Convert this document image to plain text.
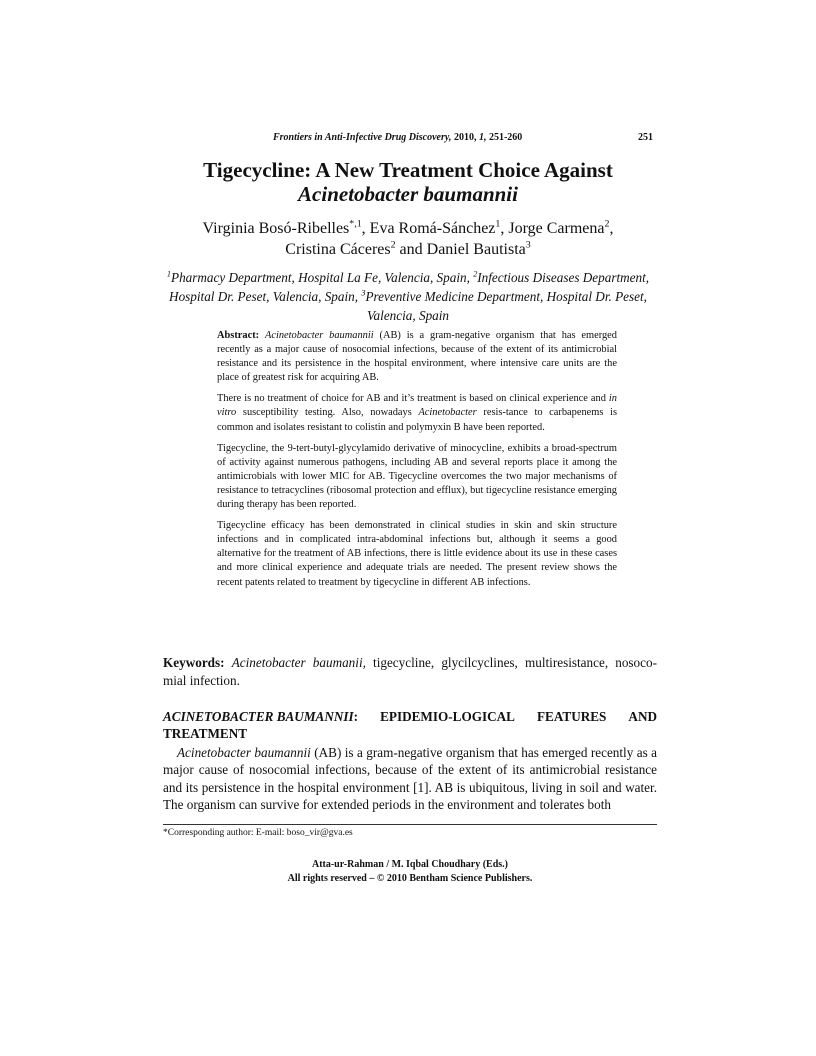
Frontiers in Anti-Infective Drug Discovery, 2010, 1, 251-260	251
Tigecycline: A New Treatment Choice Against
Acinetobacter baumannii
Virginia Bosó-Ribelles$^{*,1}$, Eva Romá-Sánchez$^1$, Jorge Carmena$^2$,
Cristina Cáceres$^2$ and Daniel Bautista$^3$
$^1$Pharmacy Department, Hospital La Fe, Valencia, Spain, $^2$Infectious Diseases Department, Hospital Dr. Peset, Valencia, Spain, $^3$Preventive Medicine Department, Hospital Dr. Peset, Valencia, Spain

Abstract: Acinetobacter baumannii (AB) is a gram-negative organism that has emerged recently as a major cause of nosocomial infections, because of the extent of its antimicrobial resistance and its persistence in the hospital environment, where intensive care units are the place of greatest risk for acquiring AB.

There is no treatment of choice for AB and it’s treatment is based on clinical experience and in vitro susceptibility testing. Also, nowadays Acinetobacter resis-tance to carbapenems is common and isolates resistant to colistin and polymyxin B have been reported.

Tigecycline, the 9-tert-butyl-glycylamido derivative of minocycline, exhibits a broad-spectrum of activity against numerous pathogens, including AB and several reports place it among the antimicrobials with lower MIC for AB. Tigecycline overcomes the two major mechanisms of resistance to tetracyclines (ribosomal protection and efflux), but tigecycline resistance emerging during therapy has been reported.

Tigecycline efficacy has been demonstrated in clinical studies in skin and skin structure infections and in complicated intra-abdominal infections but, although it seems a good alternative for the treatment of AB infections, there is little evidence about its use in these cases and more clinical experience and adequate trials are needed. The present review shows the recent patents related to treatment by tigecycline in different AB infections.

Keywords: Acinetobacter baumanii, tigecycline, glycilcyclines, multiresistance, nosoco-mial infection.
ACINETOBACTER BAUMANNII: EPIDEMIO-LOGICAL FEATURES AND
TREATMENT

Acinetobacter baumannii (AB) is a gram-negative organism that has emerged recently as a major cause of nosocomial infections, because of the extent of its antimicrobial resistance and its persistence in the hospital environment [1]. AB is ubiquitous, living in soil and water. The organism can survive for extended periods in the environment and tolerates both

*Corresponding author: E-mail: boso_vir@gva.es
Atta-ur-Rahman / M. Iqbal Choudhary (Eds.)
All rights reserved – © 2010 Bentham Science Publishers.
